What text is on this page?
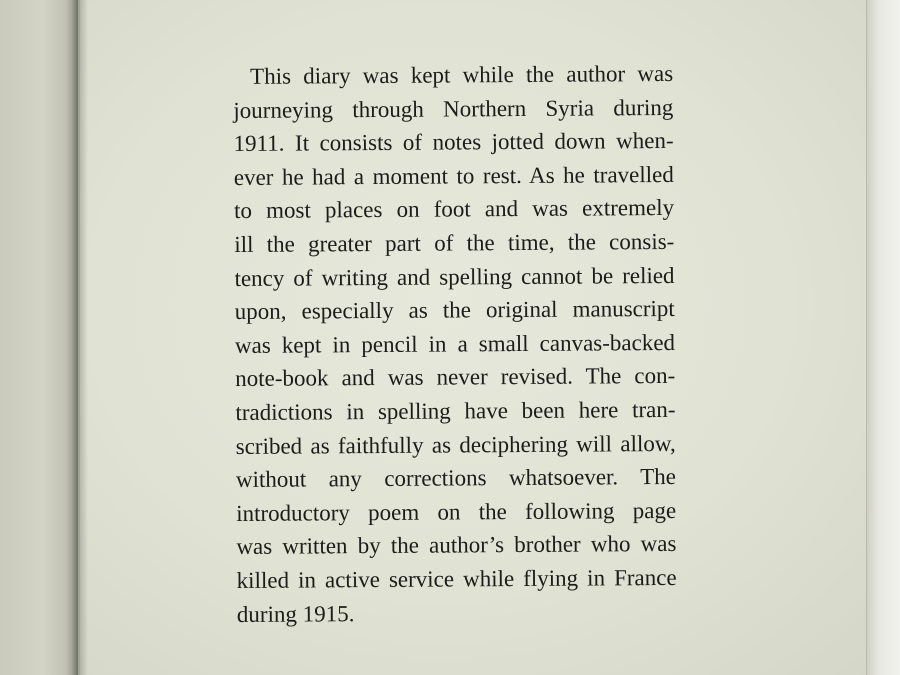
This diary was kept while the author was
journeying through Northern Syria during
1911. It consists of notes jotted down when-
ever he had a moment to rest. As he travelled
to most places on foot and was extremely
ill the greater part of the time, the consis-
tency of writing and spelling cannot be relied
upon, especially as the original manuscript
was kept in pencil in a small canvas-backed
note-book and was never revised. The con-
tradictions in spelling have been here tran-
scribed as faithfully as deciphering will allow,
without any corrections whatsoever. The
introductory poem on the following page
was written by the author’s brother who was
killed in active service while flying in France
during 1915.
